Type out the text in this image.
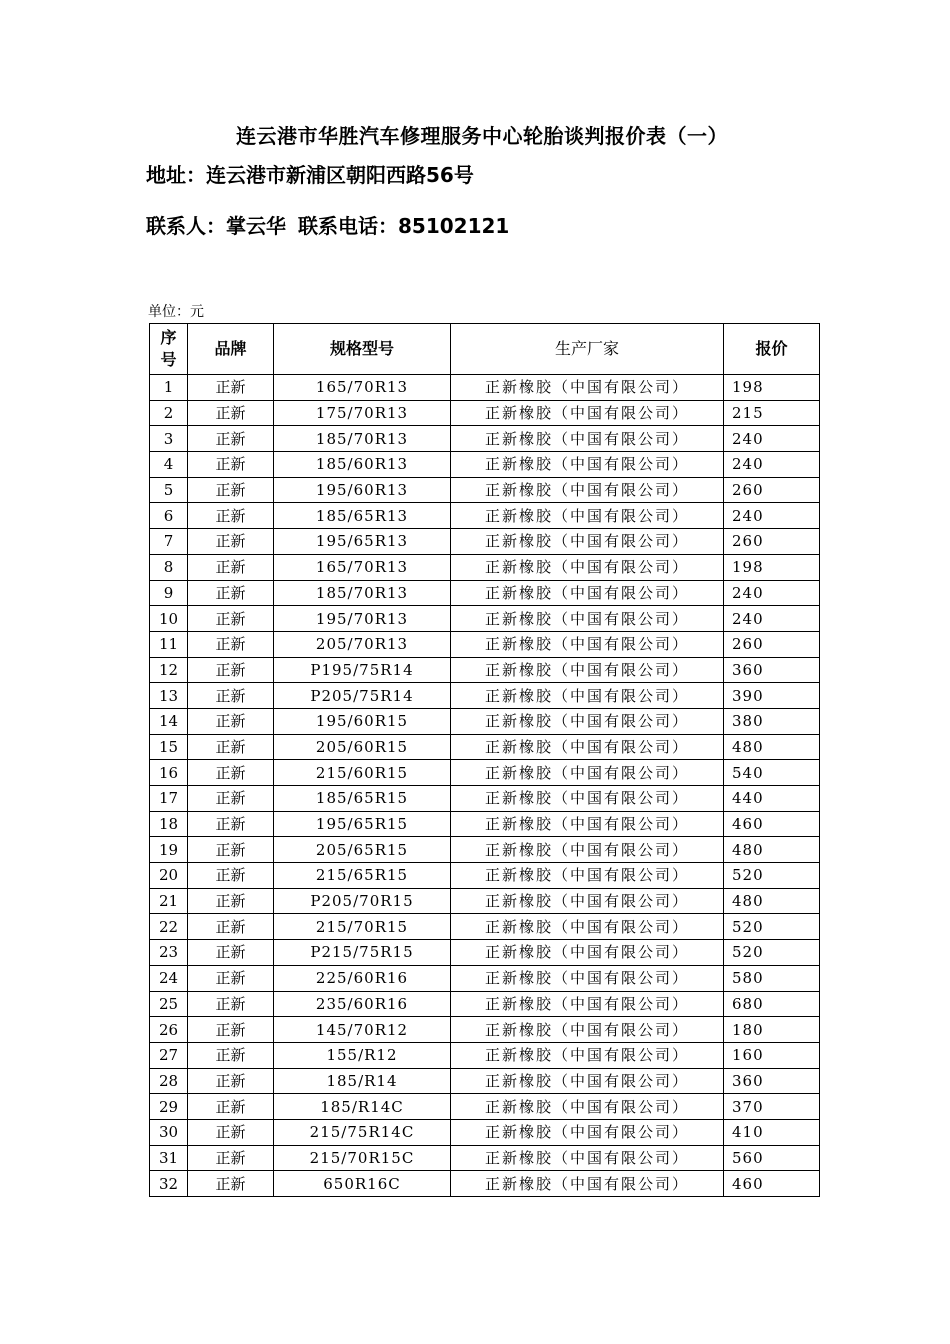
连云港市华胜汽车修理服务中心轮胎谈判报价表（一）
地址：连云港市新浦区朝阳西路56号
联系人：掌云华 联系电话：85102121
单位：元
序
号	品牌	规格型号	生产厂家	报价
1	正新	165/70R13	正新橡胶（中国有限公司）	198
2	正新	175/70R13	正新橡胶（中国有限公司）	215
3	正新	185/70R13	正新橡胶（中国有限公司）	240
4	正新	185/60R13	正新橡胶（中国有限公司）	240
5	正新	195/60R13	正新橡胶（中国有限公司）	260
6	正新	185/65R13	正新橡胶（中国有限公司）	240
7	正新	195/65R13	正新橡胶（中国有限公司）	260
8	正新	165/70R13	正新橡胶（中国有限公司）	198
9	正新	185/70R13	正新橡胶（中国有限公司）	240
10	正新	195/70R13	正新橡胶（中国有限公司）	240
11	正新	205/70R13	正新橡胶（中国有限公司）	260
12	正新	P195/75R14	正新橡胶（中国有限公司）	360
13	正新	P205/75R14	正新橡胶（中国有限公司）	390
14	正新	195/60R15	正新橡胶（中国有限公司）	380
15	正新	205/60R15	正新橡胶（中国有限公司）	480
16	正新	215/60R15	正新橡胶（中国有限公司）	540
17	正新	185/65R15	正新橡胶（中国有限公司）	440
18	正新	195/65R15	正新橡胶（中国有限公司）	460
19	正新	205/65R15	正新橡胶（中国有限公司）	480
20	正新	215/65R15	正新橡胶（中国有限公司）	520
21	正新	P205/70R15	正新橡胶（中国有限公司）	480
22	正新	215/70R15	正新橡胶（中国有限公司）	520
23	正新	P215/75R15	正新橡胶（中国有限公司）	520
24	正新	225/60R16	正新橡胶（中国有限公司）	580
25	正新	235/60R16	正新橡胶（中国有限公司）	680
26	正新	145/70R12	正新橡胶（中国有限公司）	180
27	正新	155/R12	正新橡胶（中国有限公司）	160
28	正新	185/R14	正新橡胶（中国有限公司）	360
29	正新	185/R14C	正新橡胶（中国有限公司）	370
30	正新	215/75R14C	正新橡胶（中国有限公司）	410
31	正新	215/70R15C	正新橡胶（中国有限公司）	560
32	正新	650R16C	正新橡胶（中国有限公司）	460
